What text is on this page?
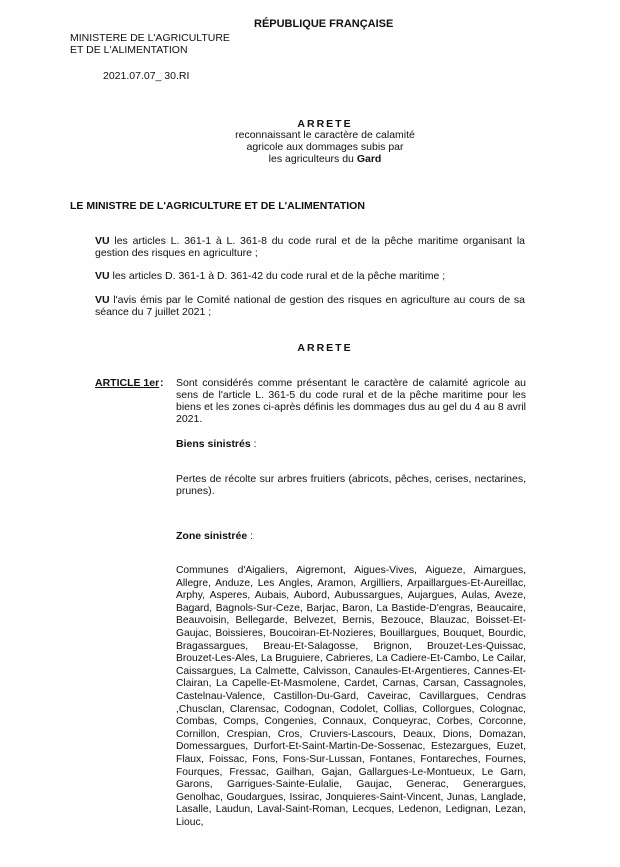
RÉPUBLIQUE FRANÇAISE

MINISTERE DE L'AGRICULTURE
ET DE L'ALIMENTATION

2021.07.07_ 30.RI

ARRETE

reconnaissant le caractère de calamité
agricole aux dommages subis par
les agriculteurs du Gard

LE MINISTRE DE L'AGRICULTURE ET DE L'ALIMENTATION

VU les articles L. 361-1 à L. 361-8 du code rural et de la pêche maritime organisant la gestion des risques en agriculture ;

VU les articles D. 361-1 à D. 361-42 du code rural et de la pêche maritime ;

VU l'avis émis par le Comité national de gestion des risques en agriculture au cours de sa séance du 7 juillet 2021 ;

ARRETE

ARTICLE 1er : Sont considérés comme présentant le caractère de calamité agricole au sens de l'article L. 361-5 du code rural et de la pêche maritime pour les biens et les zones ci-après définis les dommages dus au gel du 4 au 8 avril 2021.

Biens sinistrés :

Pertes de récolte sur arbres fruitiers (abricots, pêches, cerises, nectarines, prunes).

Zone sinistrée :

Communes d'Aigaliers, Aigremont, Aigues-Vives, Aigueze, Aimargues, Allegre, Anduze, Les Angles, Aramon, Argilliers, Arpaillargues-Et-Aureillac, Arphy, Asperes, Aubais, Aubord, Aubussargues, Aujargues, Aulas, Aveze, Bagard, Bagnols-Sur-Ceze, Barjac, Baron, La Bastide-D'engras, Beaucaire, Beauvoisin, Bellegarde, Belvezet, Bernis, Bezouce, Blauzac, Boisset-Et-Gaujac, Boissieres, Boucoiran-Et-Nozieres, Bouillargues, Bouquet, Bourdic, Bragassargues, Breau-Et-Salagosse, Brignon, Brouzet-Les-Quissac, Brouzet-Les-Ales, La Bruguiere, Cabrieres, La Cadiere-Et-Cambo, Le Cailar, Caissargues, La Calmette, Calvisson, Canaules-Et-Argentieres, Cannes-Et-Clairan, La Capelle-Et-Masmolene, Cardet, Carnas, Carsan, Cassagnoles, Castelnau-Valence, Castillon-Du-Gard, Caveirac, Cavillargues, Cendras ,Chusclan, Clarensac, Codognan, Codolet, Collias, Collorgues, Colognac, Combas, Comps, Congenies, Connaux, Conqueyrac, Corbes, Corconne, Cornillon, Crespian, Cros, Cruviers-Lascours, Deaux, Dions, Domazan, Domessargues, Durfort-Et-Saint-Martin-De-Sossenac, Estezargues, Euzet, Flaux, Foissac, Fons, Fons-Sur-Lussan, Fontanes, Fontareches, Fournes, Fourques, Fressac, Gailhan, Gajan, Gallargues-Le-Montueux, Le Garn, Garons, Garrigues-Sainte-Eulalie, Gaujac, Generac, Generargues, Genolhac, Goudargues, Issirac, Jonquieres-Saint-Vincent, Junas, Langlade, Lasalle, Laudun, Laval-Saint-Roman, Lecques, Ledenon, Ledignan, Lezan, Liouc,
